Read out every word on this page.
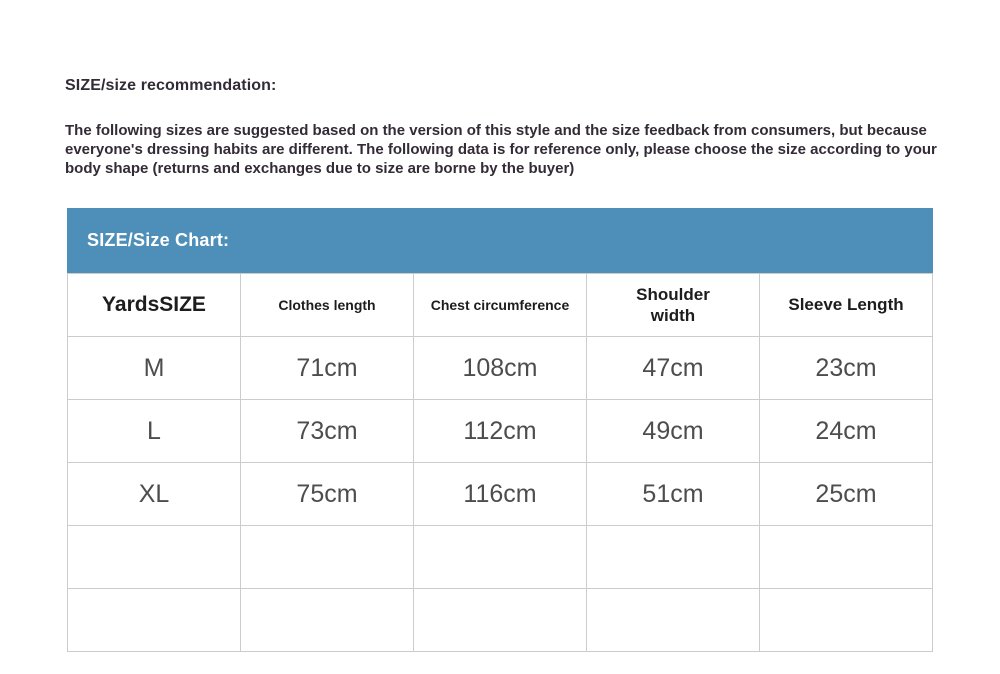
SIZE/size recommendation:

The following sizes are suggested based on the version of this style and the size feedback from consumers, but because everyone's dressing habits are different. The following data is for reference only, please choose the size according to your body shape (returns and exchanges due to size are borne by the buyer)

SIZE/Size Chart:
YardsSIZE	Clothes length	Chest circumference	Shoulder width	Sleeve Length
M	71cm	108cm	47cm	23cm
L	73cm	112cm	49cm	24cm
XL	75cm	116cm	51cm	25cm
